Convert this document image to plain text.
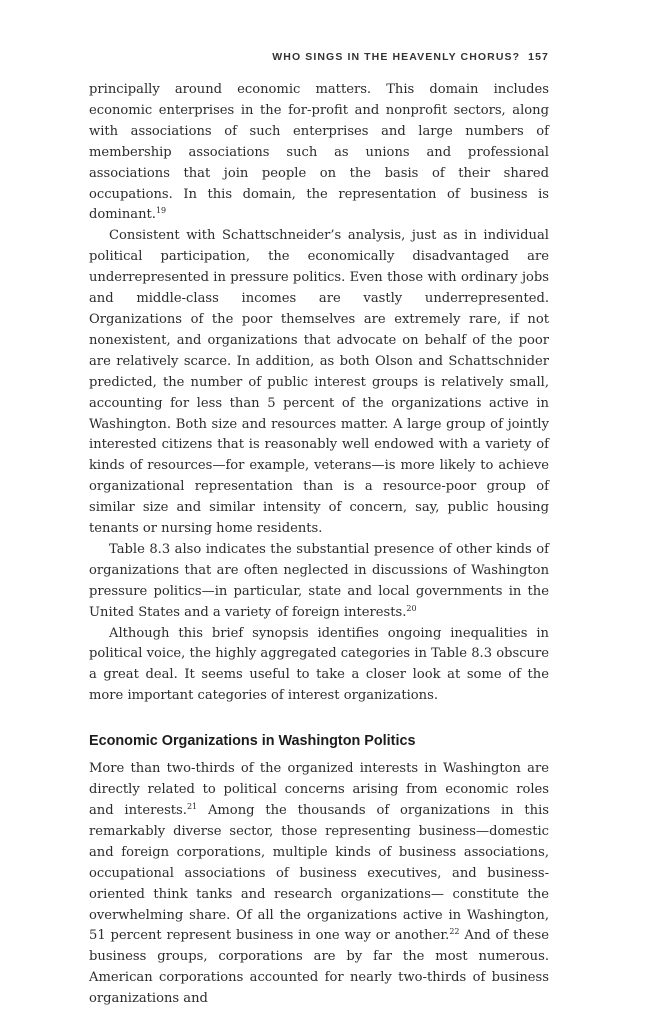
WHO SINGS IN THE HEAVENLY CHORUS? 157

principally around economic matters. This domain includes economic enterprises in the for-profit and nonprofit sectors, along with associations of such enterprises and large numbers of membership associations such as unions and professional associations that join people on the basis of their shared occupations. In this domain, the representation of business is dominant.$^{19}$

Consistent with Schattschneider’s analysis, just as in individual political participation, the economically disadvantaged are underrepresented in pressure politics. Even those with ordinary jobs and middle-class incomes are vastly underrepresented. Organizations of the poor themselves are extremely rare, if not nonexistent, and organizations that advocate on behalf of the poor are relatively scarce. In addition, as both Olson and Schattschnider predicted, the number of public interest groups is relatively small, accounting for less than 5 percent of the organizations active in Washington. Both size and resources matter. A large group of jointly interested citizens that is reasonably well endowed with a variety of kinds of resources—for example, veterans—is more likely to achieve organizational representation than is a resource-poor group of similar size and similar intensity of concern, say, public housing tenants or nursing home residents.

Table 8.3 also indicates the substantial presence of other kinds of organizations that are often neglected in discussions of Washington pressure politics—in particular, state and local governments in the United States and a variety of foreign interests.$^{20}$

Although this brief synopsis identifies ongoing inequalities in political voice, the highly aggregated categories in Table 8.3 obscure a great deal. It seems useful to take a closer look at some of the more important categories of interest organizations.

Economic Organizations in Washington Politics

More than two-thirds of the organized interests in Washington are directly related to political concerns arising from economic roles and interests.$^{21}$ Among the thousands of organizations in this remarkably diverse sector, those representing business—domestic and foreign corporations, multiple kinds of business associations, occupational associations of business executives, and business-oriented think tanks and research organizations— constitute the overwhelming share. Of all the organizations active in Washington, 51 percent represent business in one way or another.$^{22}$ And of these business groups, corporations are by far the most numerous. American corporations accounted for nearly two-thirds of business organizations and
